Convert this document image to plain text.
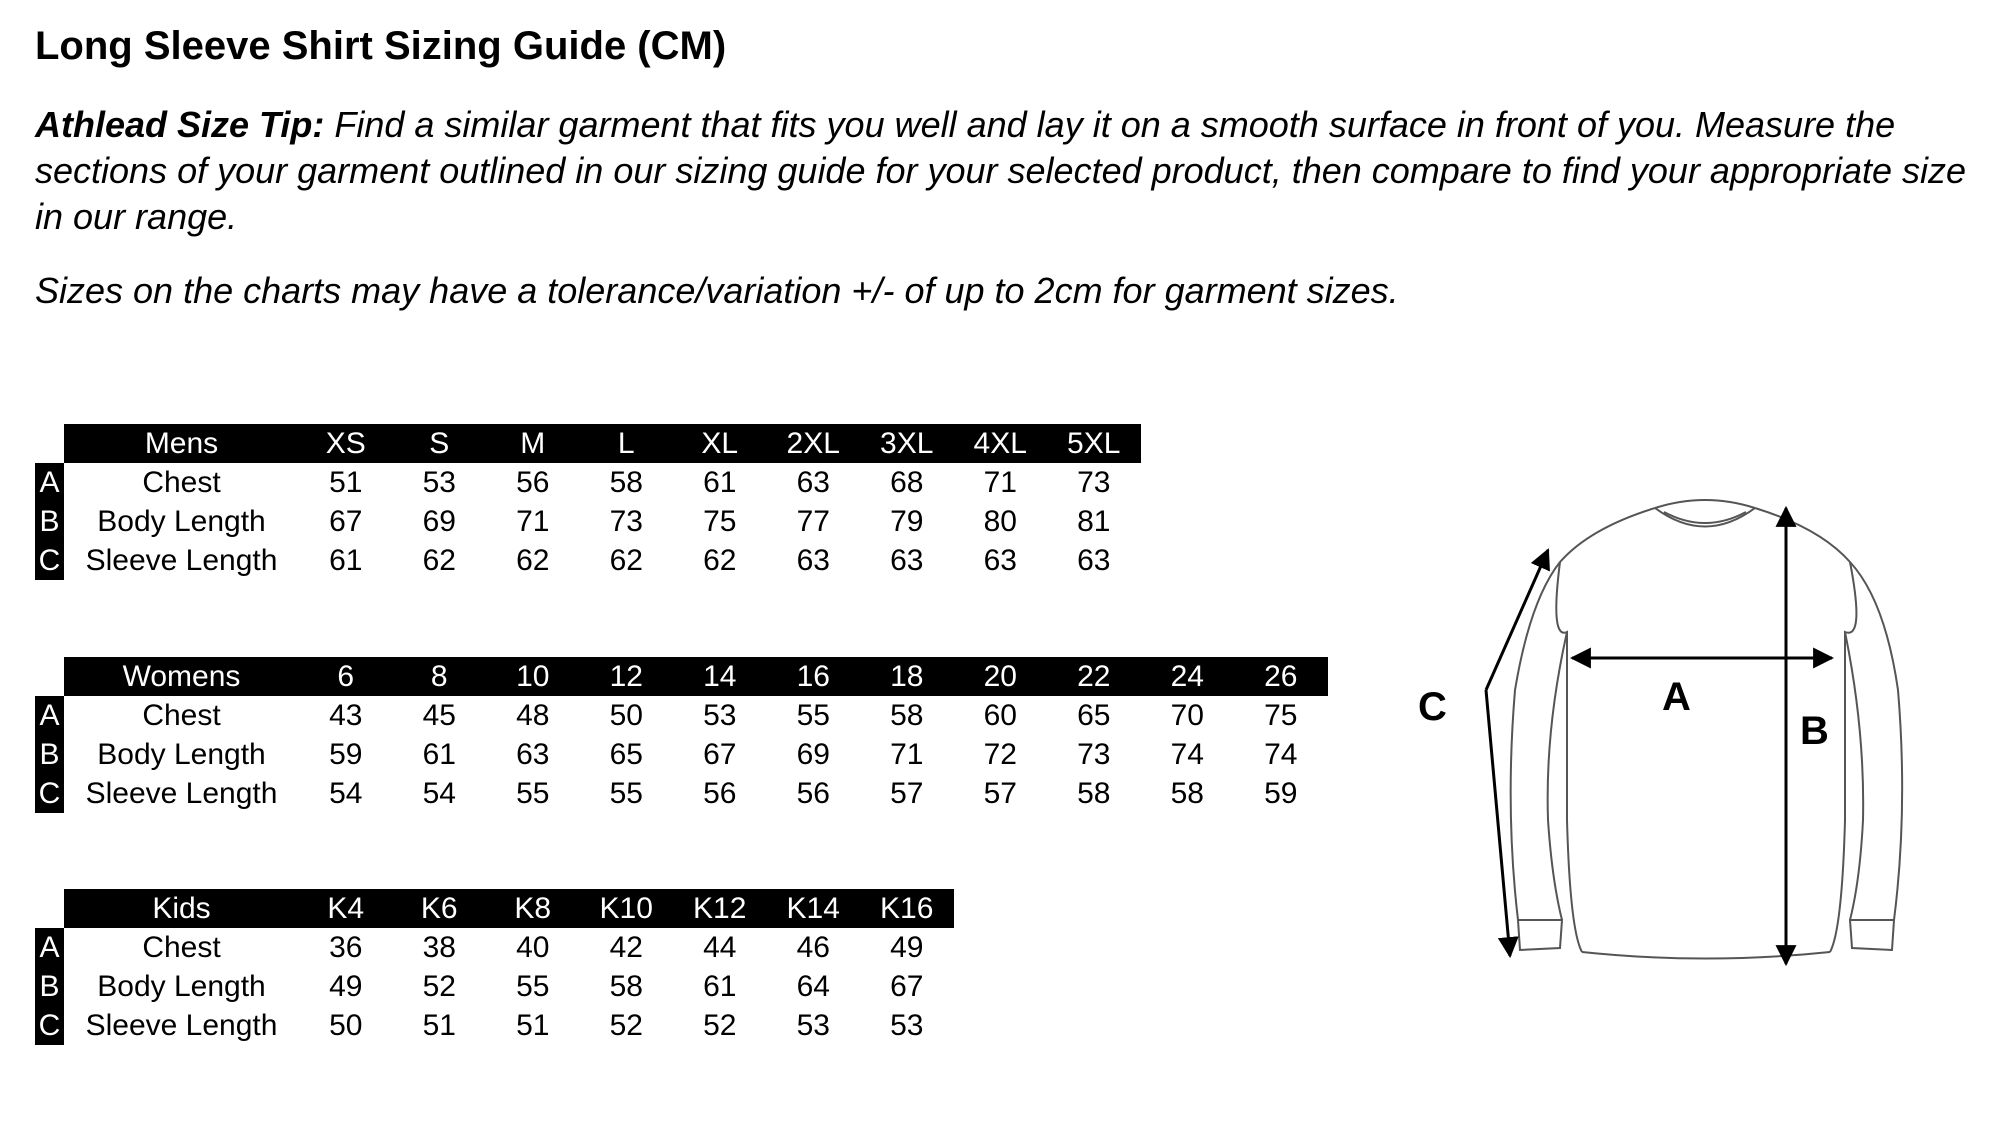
Long Sleeve Shirt Sizing Guide (CM)

Athlead Size Tip: Find a similar garment that fits you well and lay it on a smooth surface in front of you. Measure the sections of your garment outlined in our sizing guide for your selected product, then compare to find your appropriate size in our range.

Sizes on the charts may have a tolerance/variation +/- of up to 2cm for garment sizes.

	Mens	XS	S	M	L	XL	2XL	3XL	4XL	5XL
A	Chest	51	53	56	58	61	63	68	71	73
B	Body Length	67	69	71	73	75	77	79	80	81
C	Sleeve Length	61	62	62	62	62	63	63	63	63
	Womens	6	8	10	12	14	16	18	20	22	24	26
A	Chest	43	45	48	50	53	55	58	60	65	70	75
B	Body Length	59	61	63	65	67	69	71	72	73	74	74
C	Sleeve Length	54	54	55	55	56	56	57	57	58	58	59
	Kids	K4	K6	K8	K10	K12	K14	K16
A	Chest	36	38	40	42	44	46	49
B	Body Length	49	52	55	58	61	64	67
C	Sleeve Length	50	51	51	52	52	53	53
A
B
C
